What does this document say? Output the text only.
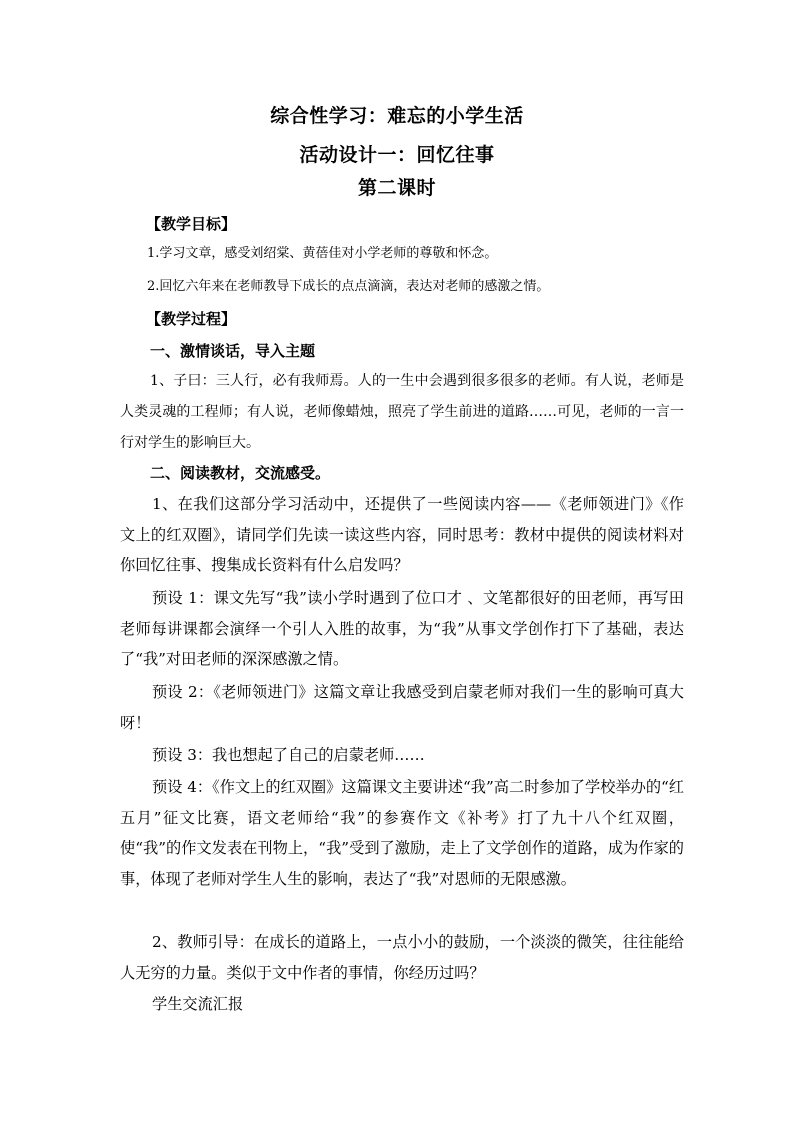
综合性学习：难忘的小学生活
活动设计一：回忆往事
第二课时
【教学目标】
1.学习文章，感受刘绍棠、黄蓓佳对小学老师的尊敬和怀念。
2.回忆六年来在老师教导下成长的点点滴滴，表达对老师的感激之情。
【教学过程】
一、激情谈话，导入主题
1、子曰：三人行，必有我师焉。人的一生中会遇到很多很多的老师。有人说，老师是人类灵魂的工程师；有人说，老师像蜡烛，照亮了学生前进的道路……可见，老师的一言一行对学生的影响巨大。
二、阅读教材，交流感受。
1、在我们这部分学习活动中，还提供了一些阅读内容——《老师领进门》《作文上的红双圈》，请同学们先读一读这些内容，同时思考：教材中提供的阅读材料对你回忆往事、搜集成长资料有什么启发吗？
预设 1：课文先写“我”读小学时遇到了位口才 、文笔都很好的田老师，再写田老师每讲课都会演绎一个引人入胜的故事，为“我”从事文学创作打下了基础，表达了“我”对田老师的深深感激之情。
预设 2：《老师领进门》这篇文章让我感受到启蒙老师对我们一生的影响可真大呀！
预设 3：我也想起了自己的启蒙老师……
预设 4：《作文上的红双圈》这篇课文主要讲述“我”高二时参加了学校举办的“红五月”征文比赛，语文老师给“我”的参赛作文《补考》打了九十八个红双圈，使“我”的作文发表在刊物上，“我”受到了激励，走上了文学创作的道路，成为作家的事，体现了老师对学生人生的影响，表达了“我”对恩师的无限感激。
2、教师引导：在成长的道路上，一点小小的鼓励，一个淡淡的微笑，往往能给人无穷的力量。类似于文中作者的事情，你经历过吗？
学生交流汇报
